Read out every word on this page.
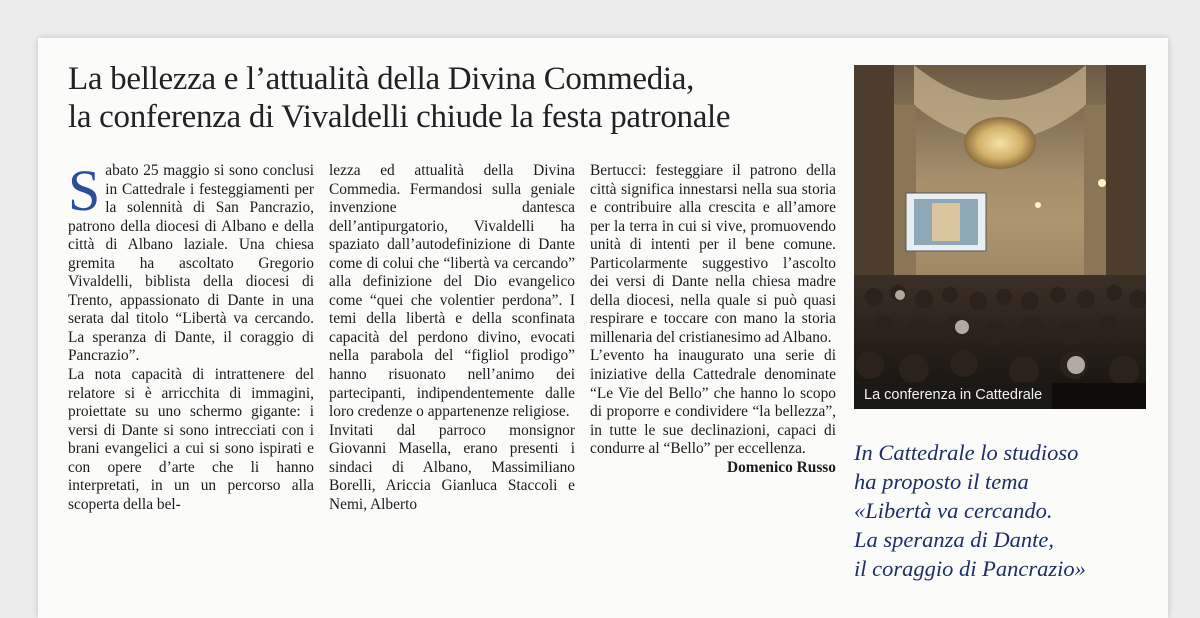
La bellezza e l’attualità della Divina Commedia,
la conferenza di Vivaldelli chiude la festa patronale

Sabato 25 maggio si sono conclusi in Cattedrale i festeggiamenti per la solennità di San Pancrazio, patrono della diocesi di Albano e della città di Albano laziale. Una chiesa gremita ha ascoltato Gregorio Vivaldelli, biblista della diocesi di Trento, appassionato di Dante in una serata dal titolo “Libertà va cercando. La speranza di Dante, il coraggio di Pancrazio”.

La nota capacità di intrattenere del relatore si è arricchita di immagini, proiettate su uno schermo gigante: i versi di Dante si sono intrecciati con i brani evangelici a cui si sono ispirati e con opere d’arte che li hanno interpretati, in un un percorso alla scoperta della bel-

lezza ed attualità della Divina Commedia. Fermandosi sulla geniale invenzione dantesca dell’antipurgatorio, Vivaldelli ha spaziato dall’autodefinizione di Dante come di colui che “libertà va cercando” alla definizione del Dio evangelico come “quei che volentier perdona”. I temi della libertà e della sconfinata capacità del perdono divino, evocati nella parabola del “figliol prodigo” hanno risuonato nell’animo dei partecipanti, indipendentemente dalle loro credenze o appartenenze religiose.

Invitati dal parroco monsignor Giovanni Masella, erano presenti i sindaci di Albano, Massimiliano Borelli, Ariccia Gianluca Staccoli e Nemi, Alberto

Bertucci: festeggiare il patrono della città significa innestarsi nella sua storia e contribuire alla crescita e all’amore per la terra in cui si vive, promuovendo unità di intenti per il bene comune. Particolarmente suggestivo l’ascolto dei versi di Dante nella chiesa madre della diocesi, nella quale si può quasi respirare e toccare con mano la storia millenaria del cristianesimo ad Albano.

L’evento ha inaugurato una serie di iniziative della Cattedrale denominate “Le Vie del Bello” che hanno lo scopo di proporre e condividere “la bellezza”, in tutte le sue declinazioni, capaci di condurre al “Bello” per eccellenza.

Domenico Russo

La conferenza in Cattedrale
In Cattedrale lo studioso
ha proposto il tema
«Libertà va cercando.
La speranza di Dante,
il coraggio di Pancrazio»
